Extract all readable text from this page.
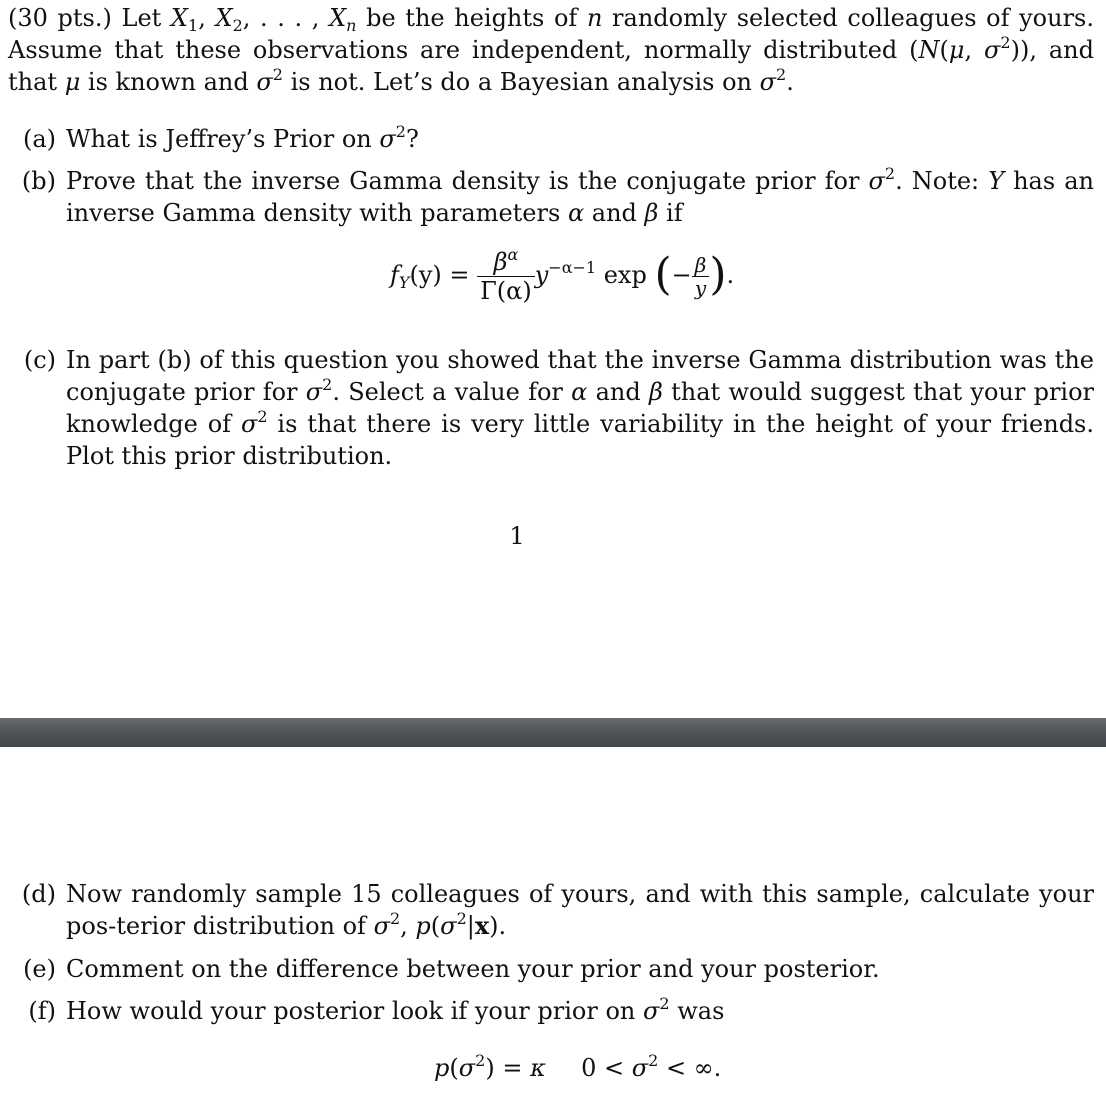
(30 pts.) Let $X_1$, $X_2$, . . . , $X_n$ be the heights of n randomly selected colleagues of yours. Assume that these observations are independent, normally distributed (N(μ, $\sigma^2$)), and that μ is known and $\sigma^2$ is not. Let’s do a Bayesian analysis on $\sigma^2$.
(a) What is Jeffrey’s Prior on $\sigma^2$?
(b) Prove that the inverse Gamma density is the conjugate prior for $\sigma^2$. Note: Y has an inverse Gamma density with parameters α and β if
$f_Y(y) = \frac{\beta^\alpha}{\Gamma(\alpha)} y^{-\alpha-1}$ exp (− $\frac{\beta}{y}$ ).
(c) In part (b) of this question you showed that the inverse Gamma distribution was the conjugate prior for $\sigma^2$. Select a value for α and β that would suggest that your prior knowledge of $\sigma^2$ is that there is very little variability in the height of your friends. Plot this prior distribution.
1
(d) Now randomly sample 15 colleagues of yours, and with this sample, calculate your pos-terior distribution of $\sigma^2$, $p(\sigma^2|x)$.
(e) Comment on the difference between your prior and your posterior.
(f) How would your posterior look if your prior on $\sigma^2$ was
$p(\sigma^2) = \kappa$ $0 < \sigma^2$ < ∞.
